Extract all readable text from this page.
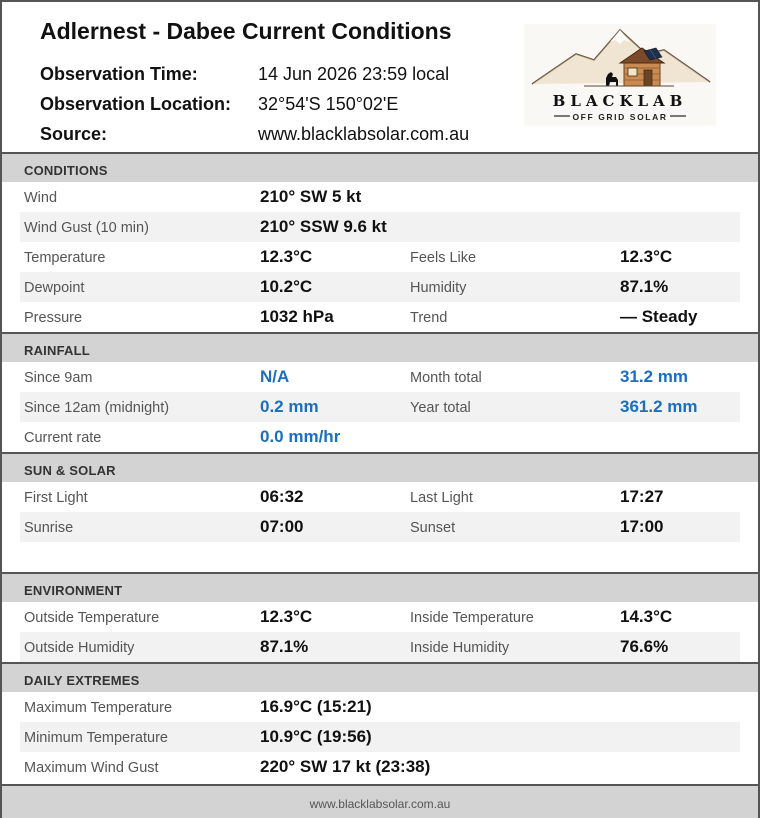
Adlernest - Dabee Current Conditions
Observation Time:	14 Jun 2026 23:59 local
Observation Location: 32°54'S 150°02'E
Source:	www.blacklabsolar.com.au
BLACKLAB
OFF GRID SOLAR
CONDITIONS
Wind	210° SW 5 kt
Wind Gust (10 min)	210° SSW 9.6 kt
Temperature	12.3°C	Feels Like	12.3°C
Dewpoint	10.2°C	Humidity	87.1%
Pressure	1032 hPa	Trend	— Steady
RAINFALL
Since 9am	N/A	Month total	31.2 mm
Since 12am (midnight)	0.2 mm	Year total	361.2 mm
Current rate	0.0 mm/hr
SUN & SOLAR
First Light	06:32	Last Light	17:27
Sunrise	07:00	Sunset	17:00
ENVIRONMENT
Outside Temperature	12.3°C	Inside Temperature	14.3°C
Outside Humidity	87.1%	Inside Humidity	76.6%
DAILY EXTREMES
Maximum Temperature	16.9°C (15:21)
Minimum Temperature	10.9°C (19:56)
Maximum Wind Gust	220° SW 17 kt (23:38)
www.blacklabsolar.com.au
